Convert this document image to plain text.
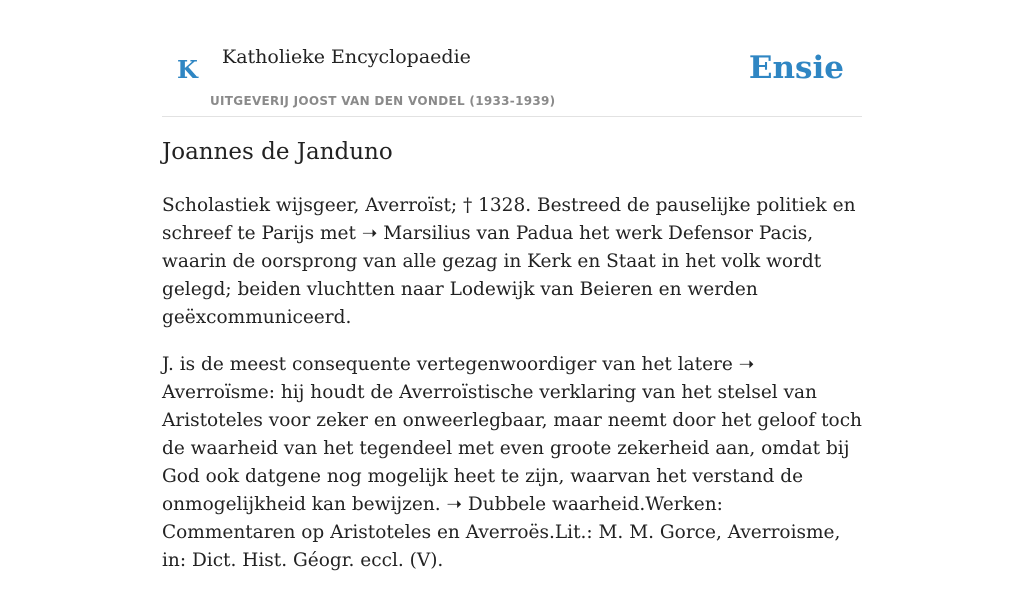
K Katholieke Encyclopaedie
UITGEVERIJ JOOST VAN DEN VONDEL (1933-1939)
Ensie
Joannes de Janduno

Scholastiek wijsgeer, Averroïst; † 1328. Bestreed de pauselijke politiek en schreef te Parijs met ➝ Marsilius van Padua het werk Defensor Pacis, waarin de oorsprong van alle gezag in Kerk en Staat in het volk wordt gelegd; beiden vluchtten naar Lodewijk van Beieren en werden geëxcommuniceerd.

J. is de meest consequente vertegenwoordiger van het latere ➝ Averroïsme: hij houdt de Averroïstische verklaring van het stelsel van Aristoteles voor zeker en onweerlegbaar, maar neemt door het geloof toch de waarheid van het tegendeel met even groote zekerheid aan, omdat bij God ook datgene nog mogelijk heet te zijn, waarvan het verstand de onmogelijkheid kan bewijzen. ➝ Dubbele waarheid.Werken: Commentaren op Aristoteles en Averroës.Lit.: M. M. Gorce, Averroisme, in: Dict. Hist. Géogr. eccl. (V).
